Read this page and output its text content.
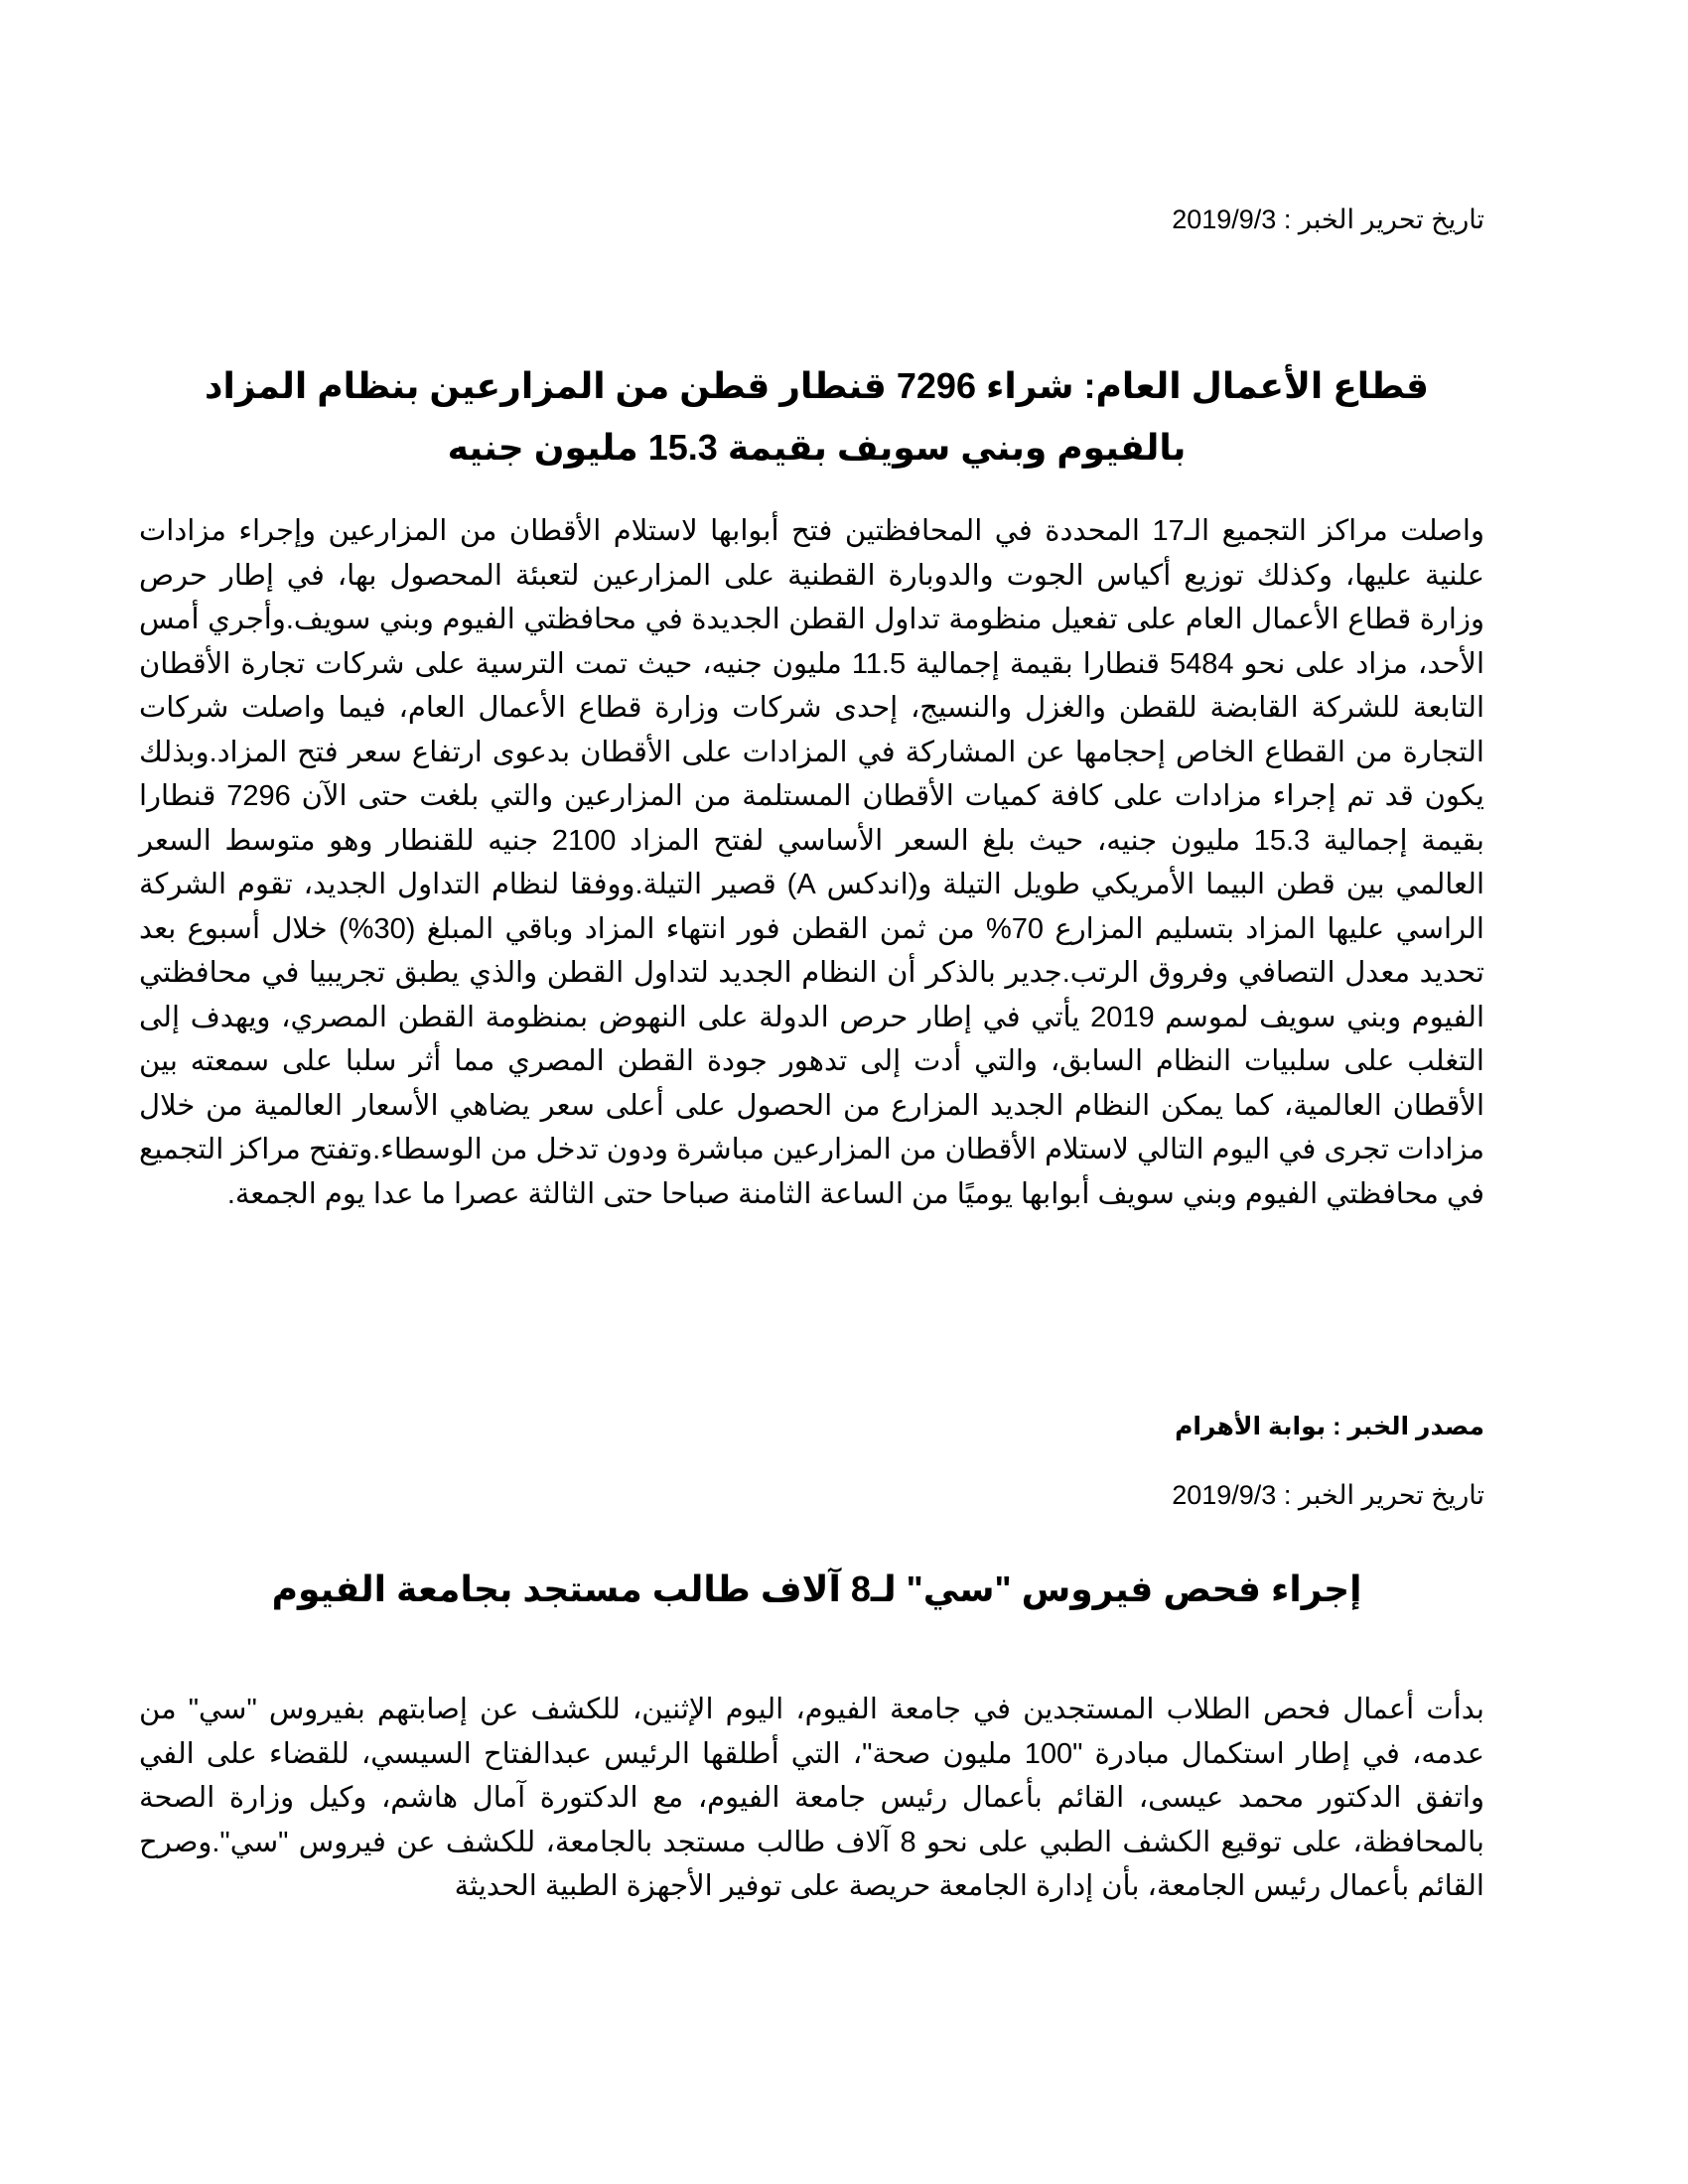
تاريخ تحرير الخبر : 2019/9/3
قطاع الأعمال العام: شراء 7296 قنطار قطن من المزارعين بنظام المزاد بالفيوم وبني سويف بقيمة 15.3 مليون جنيه
واصلت مراكز التجميع الـ17 المحددة في المحافظتين فتح أبوابها لاستلام الأقطان من المزارعين وإجراء مزادات علنية عليها، وكذلك توزيع أكياس الجوت والدوبارة القطنية على المزارعين لتعبئة المحصول بها، في إطار حرص وزارة قطاع الأعمال العام على تفعيل منظومة تداول القطن الجديدة في محافظتي الفيوم وبني سويف.وأجري أمس الأحد، مزاد على نحو 5484 قنطارا بقيمة إجمالية 11.5 مليون جنيه، حيث تمت الترسية على شركات تجارة الأقطان التابعة للشركة القابضة للقطن والغزل والنسيج، إحدى شركات وزارة قطاع الأعمال العام، فيما واصلت شركات التجارة من القطاع الخاص إحجامها عن المشاركة في المزادات على الأقطان بدعوى ارتفاع سعر فتح المزاد.وبذلك يكون قد تم إجراء مزادات على كافة كميات الأقطان المستلمة من المزارعين والتي بلغت حتى الآن 7296 قنطارا بقيمة إجمالية 15.3 مليون جنيه، حيث بلغ السعر الأساسي لفتح المزاد 2100 جنيه للقنطار وهو متوسط السعر العالمي بين قطن البيما الأمريكي طويل التيلة و(اندكس A) قصير التيلة.ووفقا لنظام التداول الجديد، تقوم الشركة الراسي عليها المزاد بتسليم المزارع 70% من ثمن القطن فور انتهاء المزاد وباقي المبلغ (30%) خلال أسبوع بعد تحديد معدل التصافي وفروق الرتب.جدير بالذكر أن النظام الجديد لتداول القطن والذي يطبق تجريبيا في محافظتي الفيوم وبني سويف لموسم 2019 يأتي في إطار حرص الدولة على النهوض بمنظومة القطن المصري، ويهدف إلى التغلب على سلبيات النظام السابق، والتي أدت إلى تدهور جودة القطن المصري مما أثر سلبا على سمعته بين الأقطان العالمية، كما يمكن النظام الجديد المزارع من الحصول على أعلى سعر يضاهي الأسعار العالمية من خلال مزادات تجرى في اليوم التالي لاستلام الأقطان من المزارعين مباشرة ودون تدخل من الوسطاء.وتفتح مراكز التجميع في محافظتي الفيوم وبني سويف أبوابها يوميًا من الساعة الثامنة صباحا حتى الثالثة عصرا ما عدا يوم الجمعة.
مصدر الخبر : بوابة الأهرام
تاريخ تحرير الخبر : 2019/9/3
إجراء فحص فيروس "سي" لـ8 آلاف طالب مستجد بجامعة الفيوم
بدأت أعمال فحص الطلاب المستجدين في جامعة الفيوم، اليوم الإثنين، للكشف عن إصابتهم بفيروس "سي" من عدمه، في إطار استكمال مبادرة "100 مليون صحة"، التي أطلقها الرئيس عبدالفتاح السيسي، للقضاء على الفي واتفق الدكتور محمد عيسى، القائم بأعمال رئيس جامعة الفيوم، مع الدكتورة آمال هاشم، وكيل وزارة الصحة بالمحافظة، على توقيع الكشف الطبي على نحو 8 آلاف طالب مستجد بالجامعة، للكشف عن فيروس "سي".وصرح القائم بأعمال رئيس الجامعة، بأن إدارة الجامعة حريصة على توفير الأجهزة الطبية الحديثة
